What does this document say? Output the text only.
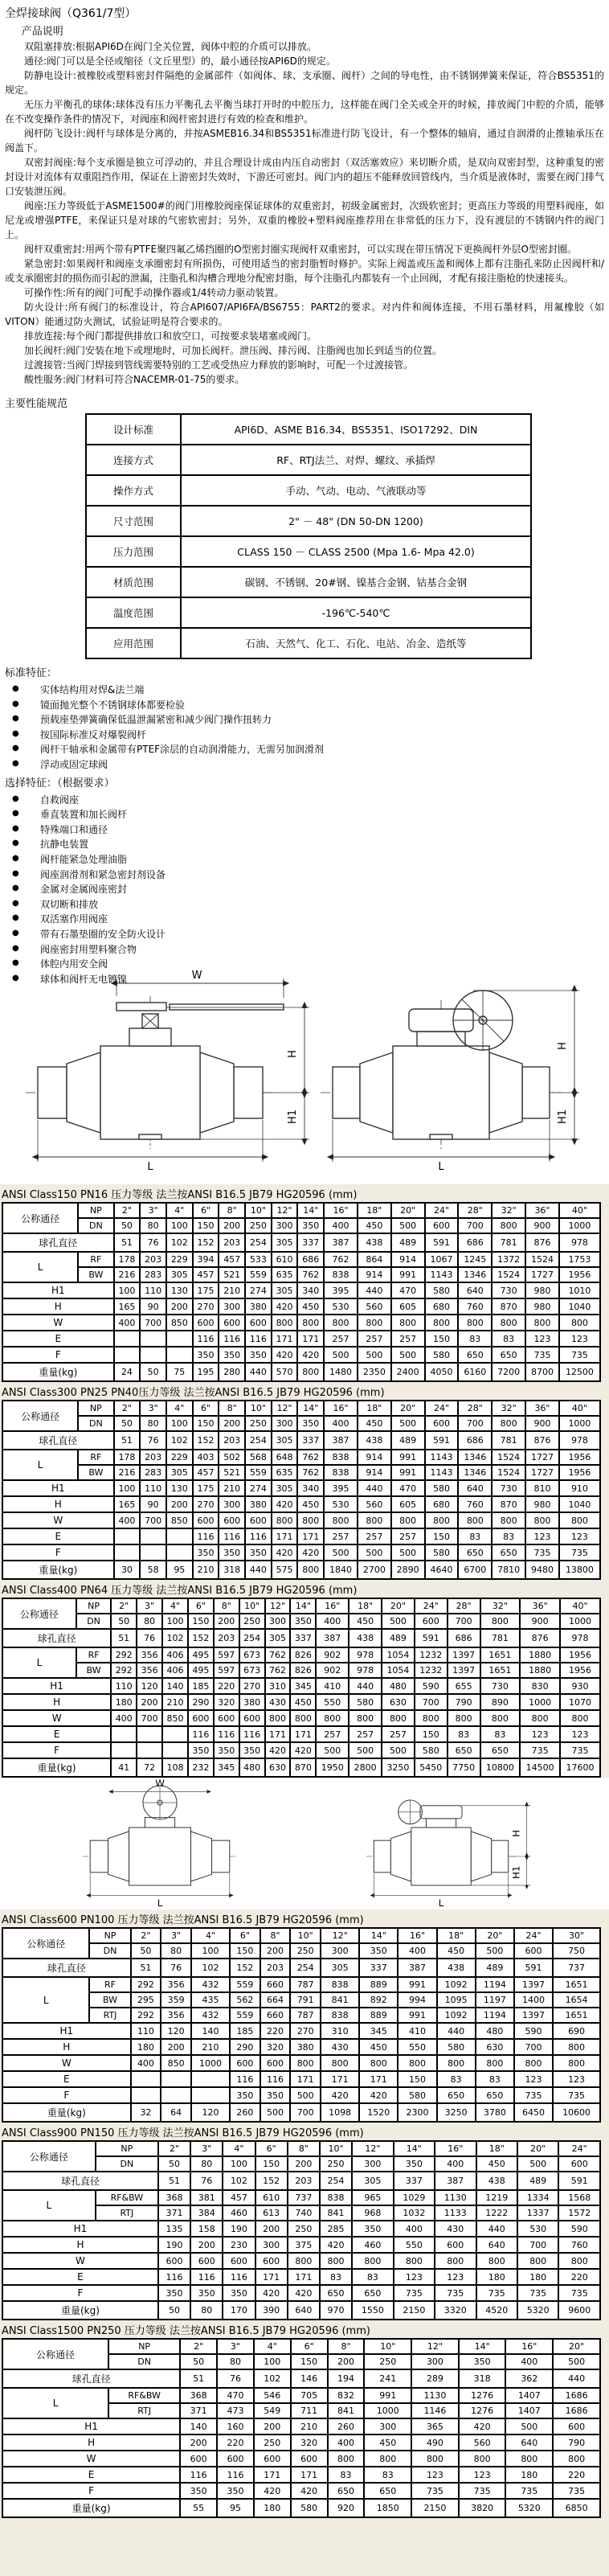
全焊接球阀（Q361/7型）
产品说明

双阻塞排放:根据API6D在阀门全关位置，阀体中腔的介质可以排放。

通径:阀门可以是全径或缩径（文丘里型）的，最小通径按API6D的规定。

防静电设计:被橡胶或塑料密封件隔绝的金属部件（如阀体、球、支承圈、阀杆）之间的导电性，由不锈钢弹簧来保证，符合BS5351的规定。

无压力平衡孔的球体:球体没有压力平衡孔去平衡当球打开时的中腔压力，这样能在阀门全关或全开的时候，排放阀门中腔的介质，能够在不改变操作条件的情况下，对阀座和阀杆密封进行有效的检查和维护。

阀杆防飞设计:阀杆与球体是分离的，并按ASMEB16.34和BS5351标准进行防飞设计，有一个整体的轴肩，通过自润滑的止推轴承压在阀盖下。

双密封阀座:每个支承圈是独立可浮动的，并且合理设计成由内压自动密封（双活塞效应）来切断介质，是双向双密封型，这种重复的密封设计对流体有双重阻挡作用，保证在上游密封失效时，下游还可密封。阀门内的超压不能释放回管线内，当介质是液体时，需要在阀门排气口安装泄压阀。

阀座:压力等级低于ASME1500#的阀门用橡胶阀座保证球体的双重密封，初级金属密封，次级软密封；更高压力等级的用塑料阀座，如尼龙或增强PTFE，来保证只是对球的气密软密封；另外，双重的橡胶+塑料阀座推荐用在非常低的压力下，没有渡层的不锈钢内件的阀门上。

阀杆双重密封:用两个带有PTFE聚四氟乙烯挡圈的O型密封圈实现阀杆双重密封，可以实现在带压情况下更换阀杆外层O型密封圈。

紧急密封:如果阀杆和阀座支承圈密封有所损伤，可使用适当的密封脂暂时修护。实际上阀盖或压盖和阀体上都有注脂孔来防止因阀杆和/或支承圈密封的损伤而引起的泄漏，注脂孔和沟槽合理地分配密封脂，每个注脂孔内都装有一个止回阀，才配有接注脂枪的快速接头。

可操作性:所有的阀门可配手动操作器或1/4转动力驱动装置。

防火设计:所有阀门的标准设计，符合API607/API6FA/BS6755：PART2的要求。对内件和阀体连接，不用石墨材料，用氟橡胶（如VITON）能通过防火测试，试验证明是符合要求的。

排放连接:每个阀门都提供排放口和放空口，可按要求装堵塞或阀门。

加长阀杆:阀门安装在地下或埋地时，可加长阀杆。泄压阀、排污阀、注脂阀也加长到适当的位置。

过渡接管:当阀门焊接到管线需要特别的工艺或受热应力释放的影响时，可配一个过渡接管。

酸性服务:阀门材料可符合NACEMR-01-75的要求。

主要性能规范
设计标准	API6D、ASME B16.34、BS5351、ISO17292、DIN
连接方式	RF、RTJ法兰、对焊、螺纹、承插焊
操作方式	手动、气动、电动、气液联动等
尺寸范围	2" － 48" (DN 50-DN 1200)
压力范围	CLASS 150 － CLASS 2500 (Mpa 1.6- Mpa 42.0)
材质范围	碳钢、不锈钢、20#钢、镍基合金钢、钴基合金钢
温度范围	-196℃-540℃
应用范围	石油、天然气、化工、石化、电站、冶金、造纸等
标准特征：
● 实体结构用对焊&法兰端
● 镜面抛光整个不锈钢球体都要检验
● 预载座垫弹簧确保低温泄漏紧密和减少阀门操作扭转力
● 按国际标准反对爆裂阀杆
● 阀杆干轴承和金属带有PTEF涂层的自动润滑能力，无需另加润滑剂
● 浮动或固定球阀
选择特征：（根据要求）
● 自救阀座
● 垂直装置和加长阀杆
● 特殊端口和通径
● 抗静电装置
● 阀杆能紧急处理油脂
● 阀座润滑剂和紧急密封剂设备
● 金属对金属阀座密封
● 双切断和排放
● 双活塞作用阀座
● 带有石墨垫圈的安全防火设计
● 阀座密封用塑料聚合物
● 体腔内用安全阀
● 球体和阀杆无电镀镍	W
H
H1
L
H
H1
L
ANSI Class150 PN16 压力等级 法兰按ANSI B16.5 JB79 HG20596 (mm)
公称通径	NP	2"	3"	4"	6"	8"	10"	12"	14"	16"	18"	20"	24"	28"	32"	36"	40"
	DN	50	80	100	150	200	250	300	350	400	450	500	600	700	800	900	1000
球孔直径		51	76	102	152	203	254	305	337	387	438	489	591	686	781	876	978
L	RF	178	203	229	394	457	533	610	686	762	864	914	1067	1245	1372	1524	1753
	BW	216	283	305	457	521	559	635	762	838	914	991	1143	1346	1524	1727	1956
H1		100	110	130	175	210	274	305	340	395	440	470	580	640	730	980	1010
H		165	90	200	270	300	380	420	450	530	560	605	680	760	870	980	1040
W		400	700	850	600	600	600	800	800	800	800	800	800	800	800	800	800
E					116	116	116	171	171	257	257	257	150	83	83	123	123
F					350	350	350	420	420	500	500	500	580	650	650	735	735
重量(kg)		24	50	75	195	280	440	570	800	1480	2350	2400	4050	6160	7200	8700	12500
ANSI Class300 PN25 PN40压力等级 法兰按ANSI B16.5 JB79 HG20596 (mm)
公称通径	NP	2"	3"	4"	6"	8"	10"	12"	14"	16"	18"	20"	24"	28"	32"	36"	40"
	DN	50	80	100	150	200	250	300	350	400	450	500	600	700	800	900	1000
球孔直径		51	76	102	152	203	254	305	337	387	438	489	591	686	781	876	978
L	RF	178	203	229	403	502	568	648	762	838	914	991	1143	1346	1524	1727	1956
	BW	216	283	305	457	521	559	635	762	838	914	991	1143	1346	1524	1727	1956
H1		100	110	130	175	210	274	305	340	395	440	470	580	640	730	810	910
H		165	90	200	270	300	380	420	450	530	560	605	680	760	870	980	1040
W		400	700	850	600	600	600	800	800	800	800	800	800	800	800	800	800
E					116	116	116	171	171	257	257	257	150	83	83	123	123
F					350	350	350	420	420	500	500	500	580	650	650	735	735
重量(kg)		30	58	95	210	318	440	575	800	1840	2700	2890	4640	6700	7810	9480	13800
ANSI Class400 PN64 压力等级 法兰按ANSI B16.5 JB79 HG20596 (mm)
公称通径	NP	2"	3"	4"	6"	8"	10"	12"	14"	16"	18"	20"	24"	28"	32"	36"	40"
	DN	50	80	100	150	200	250	300	350	400	450	500	600	700	800	900	1000
球孔直径		51	76	102	152	203	254	305	337	387	438	489	591	686	781	876	978
L	RF	292	356	406	495	597	673	762	826	902	978	1054	1232	1397	1651	1880	1956
	BW	292	356	406	495	597	673	762	826	902	978	1054	1232	1397	1651	1880	1956
H1		110	120	140	185	220	270	310	345	410	440	480	590	655	730	830	930
H		180	200	210	290	320	380	430	450	550	580	630	700	790	890	1000	1070
W		400	700	850	600	600	600	800	800	800	800	800	800	800	800	800	800
E					116	116	116	171	171	257	257	257	150	83	83	123	123
F					350	350	350	420	420	500	500	500	580	650	650	735	735
重量(kg)		41	72	108	232	345	480	630	870	1950	2800	3250	5450	7750	10800	14500	17600
W
L
H
H1
L
ANSI Class600 PN100 压力等级 法兰按ANSI B16.5 JB79 HG20596 (mm)
公称通径	NP	2"	3"	4"	6"	8"	10"	12"	14"	16"	18"	20"	24"	30"
	DN	50	80	100	150	200	250	300	350	400	450	500	600	750
球孔直径		51	76	102	152	203	254	305	337	387	438	489	591	737
L	RF	292	356	432	559	660	787	838	889	991	1092	1194	1397	1651
	BW	295	359	435	562	664	791	841	892	994	1095	1197	1400	1654
	RTJ	292	356	432	559	660	787	838	889	991	1092	1194	1397	1651
H1		110	120	140	185	220	270	310	345	410	440	480	590	690
H		180	200	210	290	320	380	430	450	550	580	630	700	800
W		400	850	1000	600	600	800	800	800	800	800	800	800	800
E					116	116	171	171	171	150	83	83	123	123
F					350	350	500	420	420	580	650	650	735	735
重量(kg)		32	64	120	260	500	700	1098	1520	2300	3250	3780	6450	10600
ANSI Class900 PN150 压力等级 法兰按ANSI B16.5 JB79 HG20596 (mm)
公称通径	NP	2"	3"	4"	6"	8"	10"	12"	14"	16"	18"	20"	24"
	DN	50	80	100	150	200	250	300	350	400	450	500	600
球孔直径		51	76	102	152	203	254	305	337	387	438	489	591
L	RF&BW	368	381	457	610	737	838	965	1029	1130	1219	1334	1568
	RTJ	371	384	460	613	740	841	968	1032	1133	1222	1337	1572
H1		135	158	190	200	250	285	350	400	430	440	530	590
H		190	200	230	300	375	420	460	550	600	640	700	760
W		600	600	600	600	800	800	800	800	800	800	800	800
E		116	116	116	171	171	83	83	123	123	180	180	220
F		350	350	350	420	420	650	650	735	735	735	735	735
重量(kg)		50	80	170	390	640	970	1550	2150	3320	4520	5320	9600
ANSI Class1500 PN250 压力等级 法兰按ANSI B16.5 JB79 HG20596 (mm)
公称通径	NP	2"	3"	4"	6"	8"	10"	12"	14"	16"	20"
	DN	50	80	100	150	200	250	300	350	400	500
球孔直径		51	76	102	146	194	241	289	318	362	440
L	RF&BW	368	470	546	705	832	991	1130	1276	1407	1686
	RTJ	371	473	549	711	841	1000	1146	1276	1407	1686
H1		140	160	200	210	260	300	365	420	500	600
H		200	220	250	320	400	450	490	560	640	790
W		600	600	600	600	800	800	800	800	800	800
E		116	116	171	171	83	83	123	123	180	220
F		350	350	420	420	650	650	735	735	735	735
重量(kg)		55	95	180	580	920	1850	2150	3820	5320	6850
